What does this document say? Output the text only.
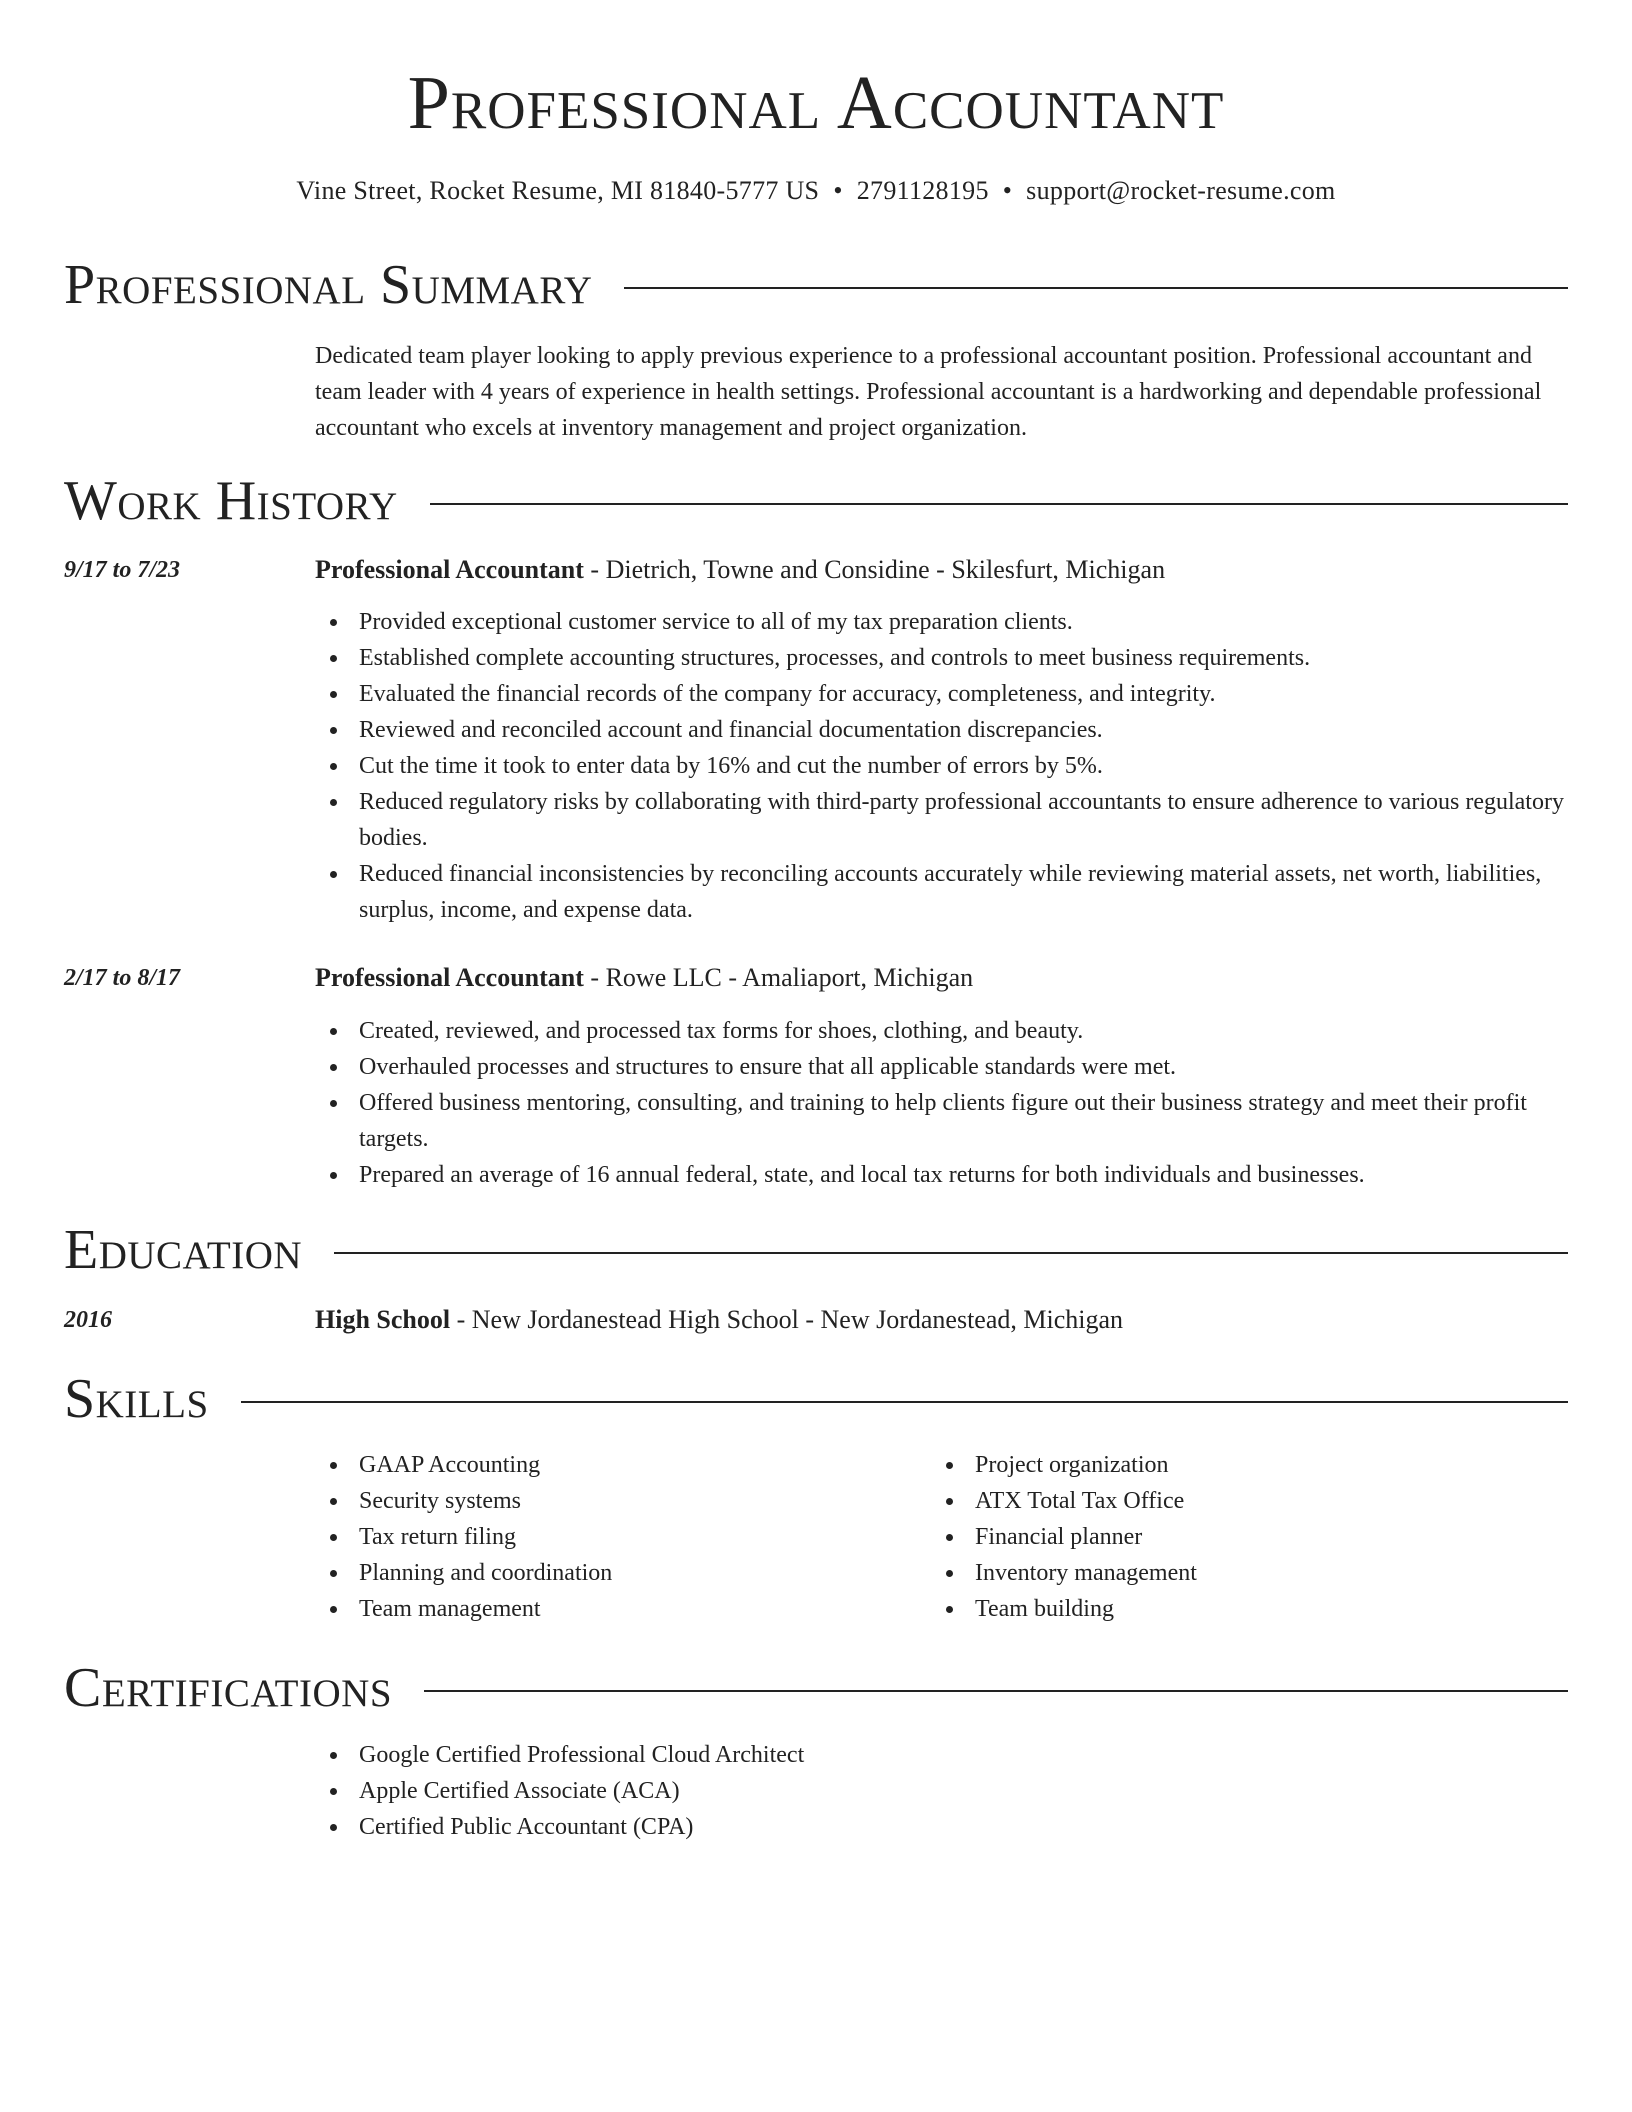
Professional Accountant
Vine Street, Rocket Resume, MI 81840-5777 US • 2791128195 • support@rocket-resume.com
Professional Summary
Dedicated team player looking to apply previous experience to a professional accountant position. Professional accountant and team leader with 4 years of experience in health settings. Professional accountant is a hardworking and dependable professional accountant who excels at inventory management and project organization.
Work History
9/17 to 7/23	Professional Accountant - Dietrich, Towne and Considine - Skilesfurt, Michigan
Provided exceptional customer service to all of my tax preparation clients.
Established complete accounting structures, processes, and controls to meet business requirements.
Evaluated the financial records of the company for accuracy, completeness, and integrity.
Reviewed and reconciled account and financial documentation discrepancies.
Cut the time it took to enter data by 16% and cut the number of errors by 5%.
Reduced regulatory risks by collaborating with third-party professional accountants to ensure adherence to various regulatory bodies.
Reduced financial inconsistencies by reconciling accounts accurately while reviewing material assets, net worth, liabilities, surplus, income, and expense data.
2/17 to 8/17	Professional Accountant - Rowe LLC - Amaliaport, Michigan
Created, reviewed, and processed tax forms for shoes, clothing, and beauty.
Overhauled processes and structures to ensure that all applicable standards were met.
Offered business mentoring, consulting, and training to help clients figure out their business strategy and meet their profit targets.
Prepared an average of 16 annual federal, state, and local tax returns for both individuals and businesses.
Education
2016	High School - New Jordanestead High School - New Jordanestead, Michigan
Skills
GAAP Accounting
Security systems
Tax return filing
Planning and coordination
Team management
Project organization
ATX Total Tax Office
Financial planner
Inventory management
Team building
Certifications
Google Certified Professional Cloud Architect
Apple Certified Associate (ACA)
Certified Public Accountant (CPA)
